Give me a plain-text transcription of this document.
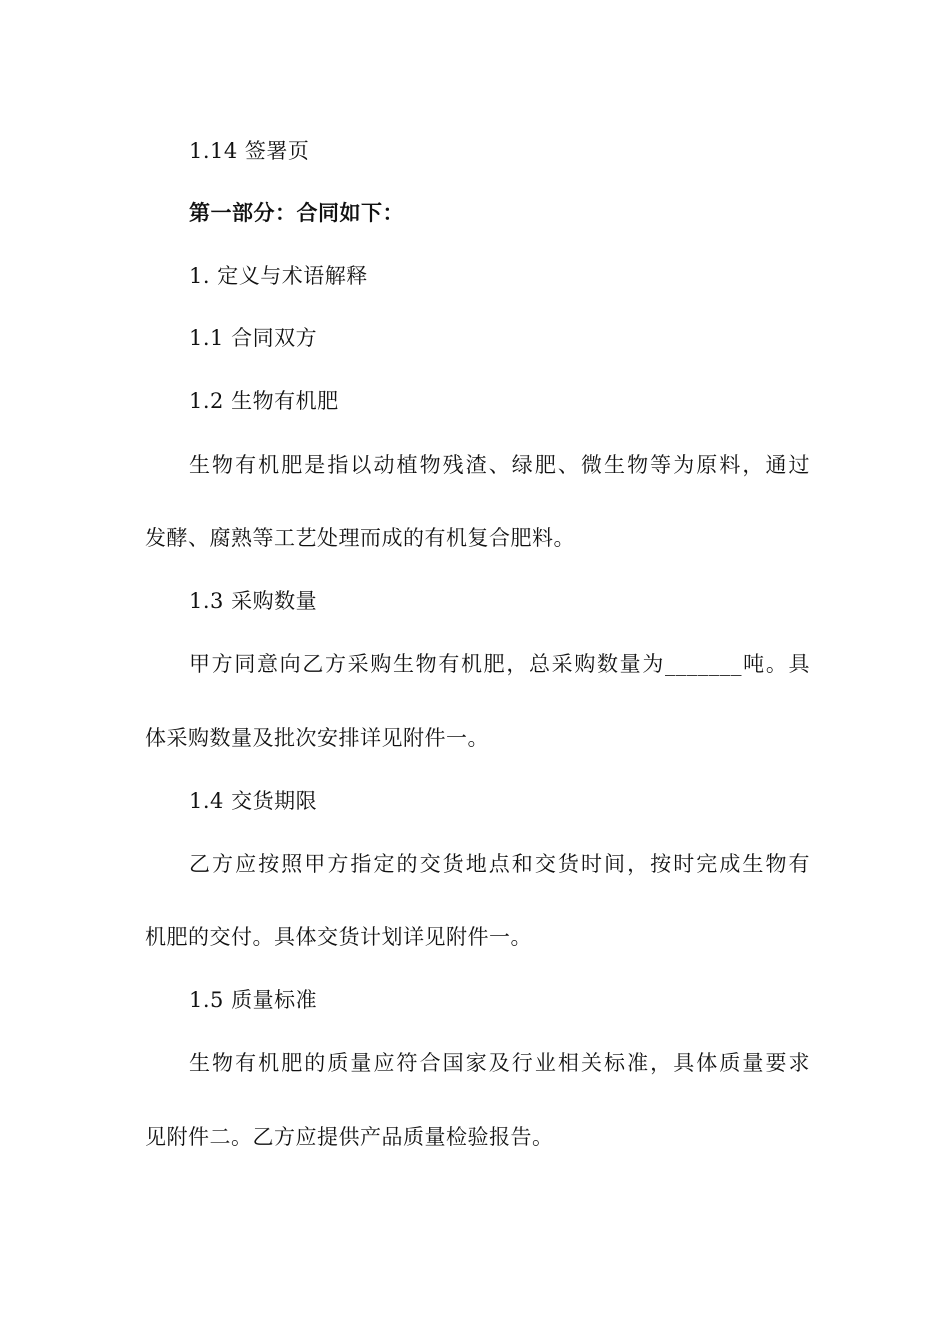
1.14 签署页
第一部分：合同如下：
1. 定义与术语解释
1.1 合同双方
1.2 生物有机肥
生物有机肥是指以动植物残渣、绿肥、微生物等为原料，通过
发酵、腐熟等工艺处理而成的有机复合肥料。
1.3 采购数量
甲方同意向乙方采购生物有机肥，总采购数量为_______吨。具
体采购数量及批次安排详见附件一。
1.4 交货期限
乙方应按照甲方指定的交货地点和交货时间，按时完成生物有
机肥的交付。具体交货计划详见附件一。
1.5 质量标准
生物有机肥的质量应符合国家及行业相关标准，具体质量要求
见附件二。乙方应提供产品质量检验报告。
